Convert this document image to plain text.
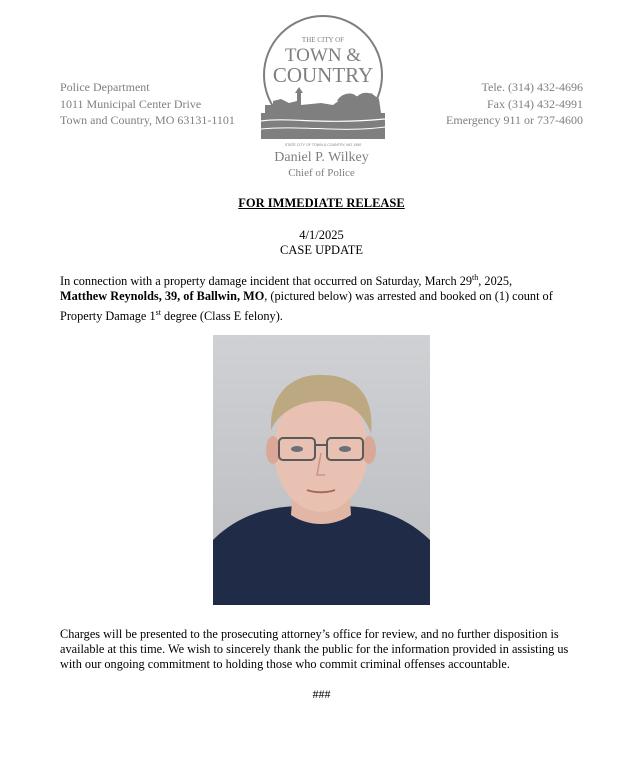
Police Department
1011 Municipal Center Drive
Town and Country, MO 63131-1101
THE CITY OF
TOWN &
COUNTRY
STATE CITY OF TOWN & COUNTRY, MO 1950
Tele. (314) 432-4696
Fax (314) 432-4991
Emergency 911 or 737-4600
Daniel P. Wilkey
Chief of Police
FOR IMMEDIATE RELEASE
4/1/2025
CASE UPDATE
In connection with a property damage incident that occurred on Saturday, March 29th, 2025,
Matthew Reynolds, 39, of Ballwin, MO, (pictured below) was arrested and booked on (1) count of Property Damage 1st degree (Class E felony).
Charges will be presented to the prosecuting attorney’s office for review, and no further disposition is available at this time. We wish to sincerely thank the public for the information provided in assisting us with our ongoing commitment to holding those who commit criminal offenses accountable.
###
